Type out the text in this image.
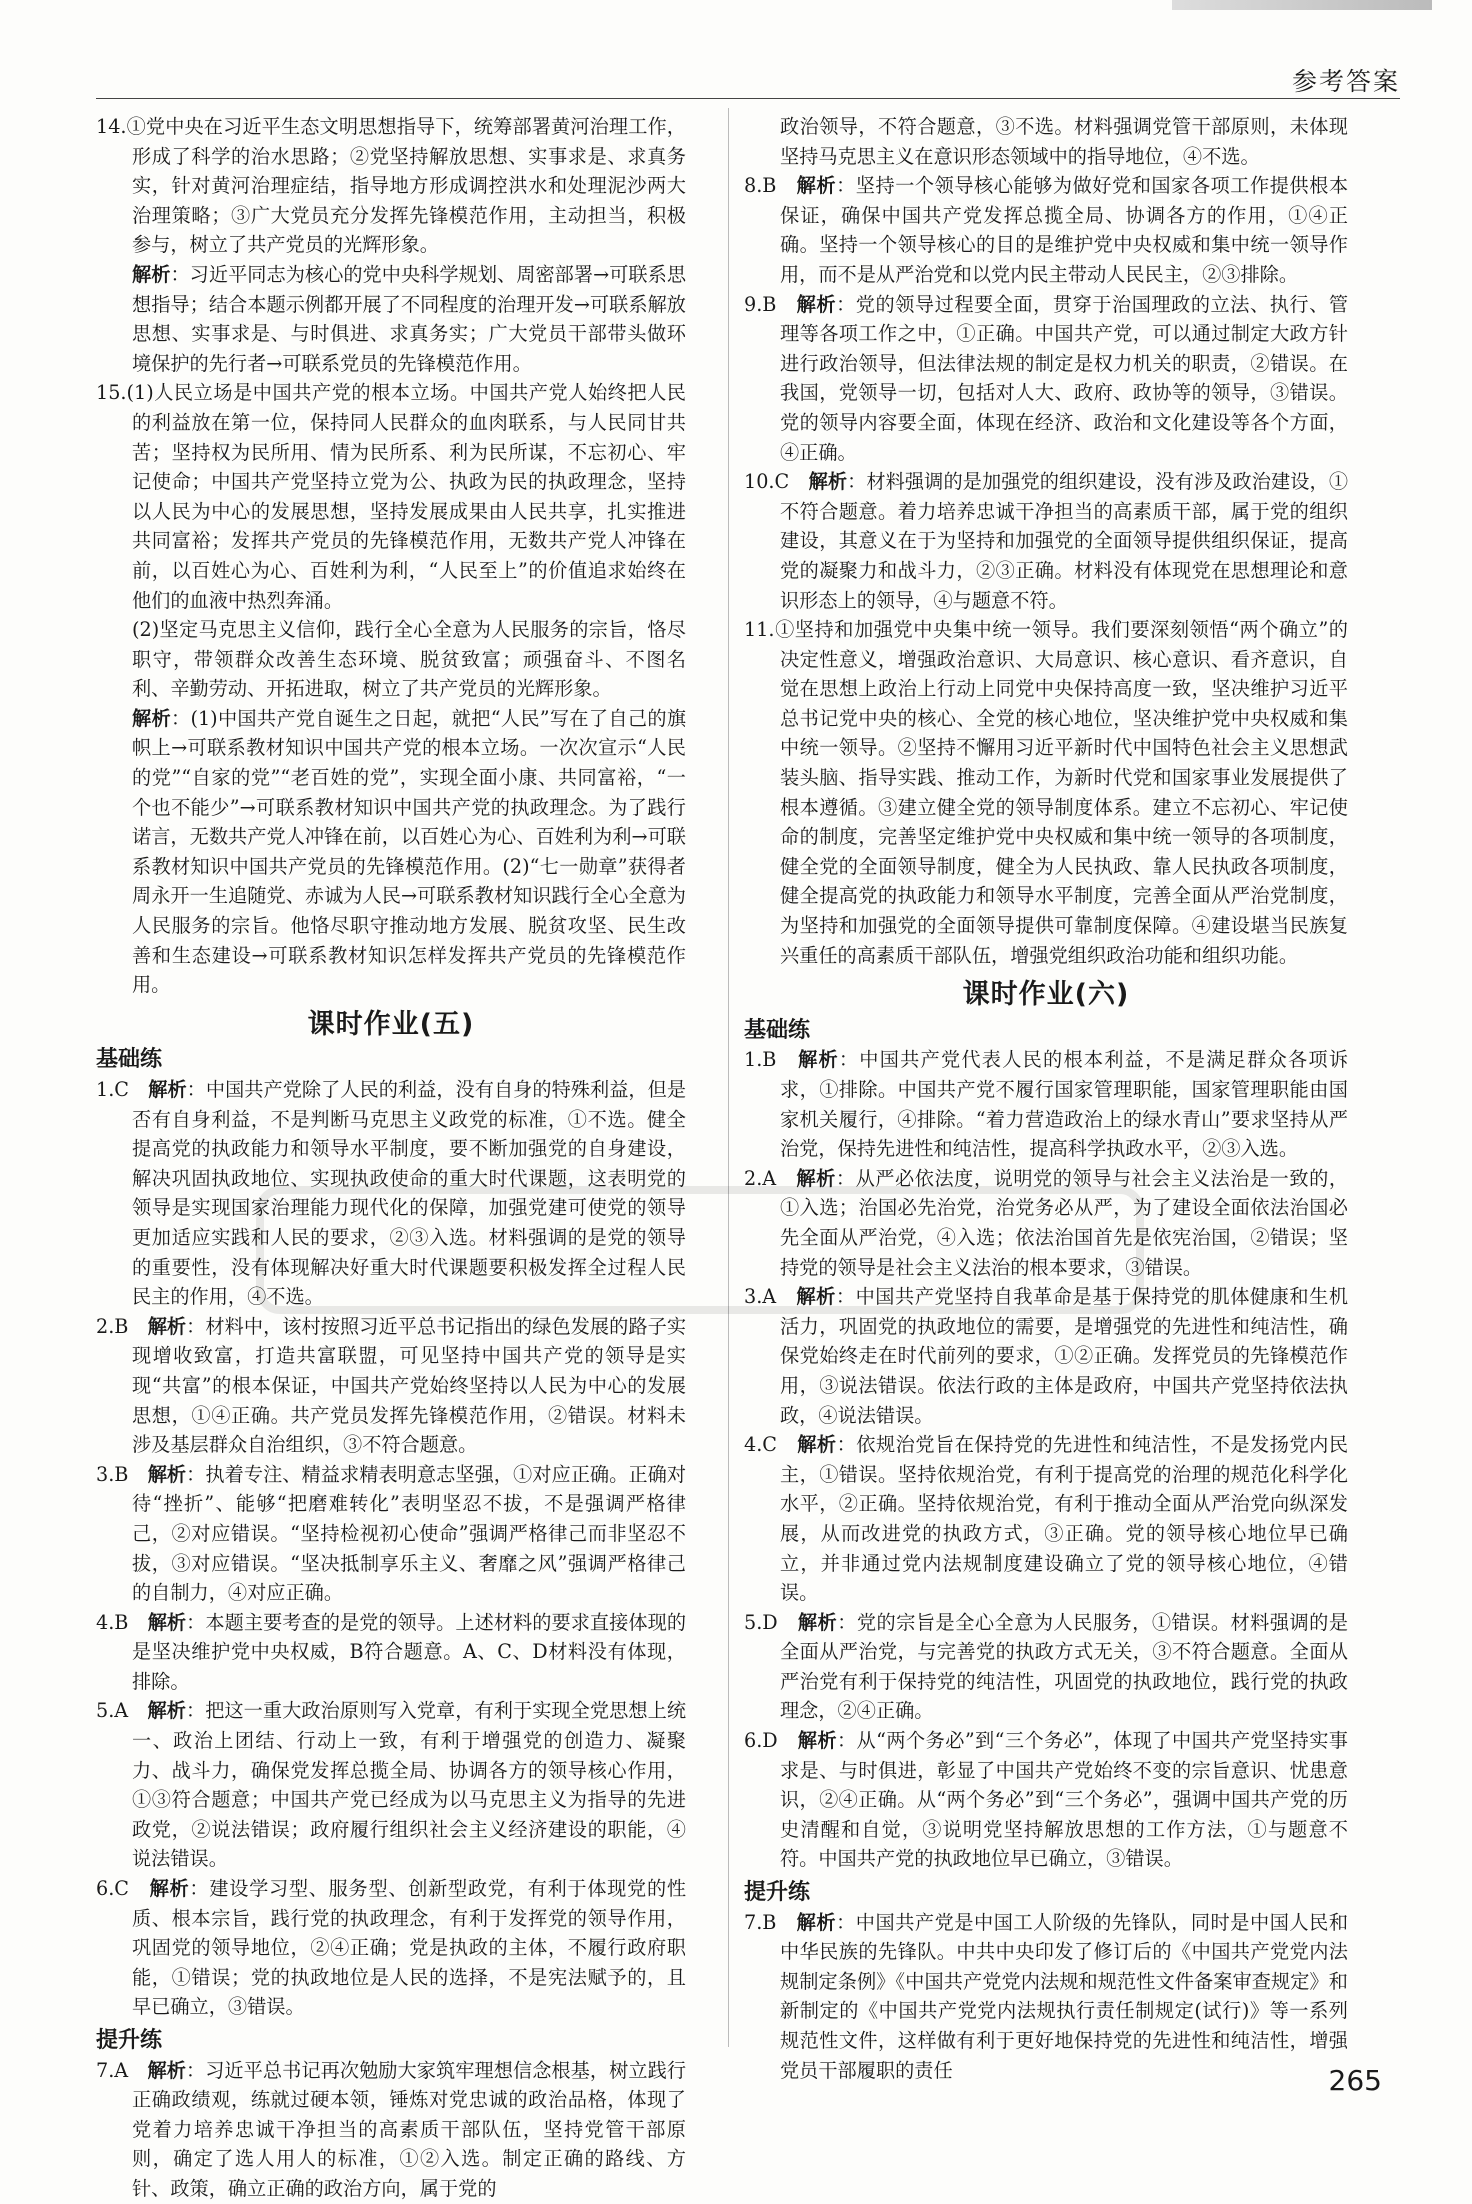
参考答案

14.①党中央在习近平生态文明思想指导下，统筹部署黄河治理工作，形成了科学的治水思路；②党坚持解放思想、实事求是、求真务实，针对黄河治理症结，指导地方形成调控洪水和处理泥沙两大治理策略；③广大党员充分发挥先锋模范作用，主动担当，积极参与，树立了共产党员的光辉形象。
解析：习近平同志为核心的党中央科学规划、周密部署→可联系思想指导；结合本题示例都开展了不同程度的治理开发→可联系解放思想、实事求是、与时俱进、求真务实；广大党员干部带头做环境保护的先行者→可联系党员的先锋模范作用。

15.(1)人民立场是中国共产党的根本立场。中国共产党人始终把人民的利益放在第一位，保持同人民群众的血肉联系，与人民同甘共苦；坚持权为民所用、情为民所系、利为民所谋，不忘初心、牢记使命；中国共产党坚持立党为公、执政为民的执政理念，坚持以人民为中心的发展思想，坚持发展成果由人民共享，扎实推进共同富裕；发挥共产党员的先锋模范作用，无数共产党人冲锋在前，以百姓心为心、百姓利为利，“人民至上”的价值追求始终在他们的血液中热烈奔涌。
(2)坚定马克思主义信仰，践行全心全意为人民服务的宗旨，恪尽职守，带领群众改善生态环境、脱贫致富；顽强奋斗、不图名利、辛勤劳动、开拓进取，树立了共产党员的光辉形象。
解析：(1)中国共产党自诞生之日起，就把“人民”写在了自己的旗帜上→可联系教材知识中国共产党的根本立场。一次次宣示“人民的党”“自家的党”“老百姓的党”，实现全面小康、共同富裕，“一个也不能少”→可联系教材知识中国共产党的执政理念。为了践行诺言，无数共产党人冲锋在前，以百姓心为心、百姓利为利→可联系教材知识中国共产党员的先锋模范作用。(2)“七一勋章”获得者周永开一生追随党、赤诚为人民→可联系教材知识践行全心全意为人民服务的宗旨。他恪尽职守推动地方发展、脱贫攻坚、民生改善和生态建设→可联系教材知识怎样发挥共产党员的先锋模范作用。

课时作业(五)
基础练

1.C　 解析：中国共产党除了人民的利益，没有自身的特殊利益，但是否有自身利益，不是判断马克思主义政党的标准，①不选。健全提高党的执政能力和领导水平制度，要不断加强党的自身建设，解决巩固执政地位、实现执政使命的重大时代课题，这表明党的领导是实现国家治理能力现代化的保障，加强党建可使党的领导更加适应实践和人民的要求，②③入选。材料强调的是党的领导的重要性，没有体现解决好重大时代课题要积极发挥全过程人民民主的作用，④不选。

2.B　 解析：材料中，该村按照习近平总书记指出的绿色发展的路子实现增收致富，打造共富联盟，可见坚持中国共产党的领导是实现“共富”的根本保证，中国共产党始终坚持以人民为中心的发展思想，①④正确。共产党员发挥先锋模范作用，②错误。材料未涉及基层群众自治组织，③不符合题意。

3.B　 解析：执着专注、精益求精表明意志坚强，①对应正确。正确对待“挫折”、能够“把磨难转化”表明坚忍不拔，不是强调严格律己，②对应错误。“坚持检视初心使命”强调严格律己而非坚忍不拔，③对应错误。“坚决抵制享乐主义、奢靡之风”强调严格律己的自制力，④对应正确。

4.B　 解析：本题主要考查的是党的领导。上述材料的要求直接体现的是坚决维护党中央权威，B符合题意。A、C、D材料没有体现，排除。

5.A　 解析：把这一重大政治原则写入党章，有利于实现全党思想上统一、政治上团结、行动上一致，有利于增强党的创造力、凝聚力、战斗力，确保党发挥总揽全局、协调各方的领导核心作用，①③符合题意；中国共产党已经成为以马克思主义为指导的先进政党，②说法错误；政府履行组织社会主义经济建设的职能，④说法错误。

6.C　 解析：建设学习型、服务型、创新型政党，有利于体现党的性质、根本宗旨，践行党的执政理念，有利于发挥党的领导作用，巩固党的领导地位，②④正确；党是执政的主体，不履行政府职能，①错误；党的执政地位是人民的选择，不是宪法赋予的，且早已确立，③错误。

提升练

7.A　 解析：习近平总书记再次勉励大家筑牢理想信念根基，树立践行正确政绩观，练就过硬本领，锤炼对党忠诚的政治品格，体现了党着力培养忠诚干净担当的高素质干部队伍，坚持党管干部原则，确定了选人用人的标准，①②入选。制定正确的路线、方针、政策，确立正确的政治方向，属于党的

政治领导，不符合题意，③不选。材料强调党管干部原则，未体现坚持马克思主义在意识形态领域中的指导地位，④不选。

8.B　 解析：坚持一个领导核心能够为做好党和国家各项工作提供根本保证，确保中国共产党发挥总揽全局、协调各方的作用，①④正确。坚持一个领导核心的目的是维护党中央权威和集中统一领导作用，而不是从严治党和以党内民主带动人民民主，②③排除。

9.B　 解析：党的领导过程要全面，贯穿于治国理政的立法、执行、管理等各项工作之中，①正确。中国共产党，可以通过制定大政方针进行政治领导，但法律法规的制定是权力机关的职责，②错误。在我国，党领导一切，包括对人大、政府、政协等的领导，③错误。党的领导内容要全面，体现在经济、政治和文化建设等各个方面，④正确。

10.C　 解析：材料强调的是加强党的组织建设，没有涉及政治建设，①不符合题意。着力培养忠诚干净担当的高素质干部，属于党的组织建设，其意义在于为坚持和加强党的全面领导提供组织保证，提高党的凝聚力和战斗力，②③正确。材料没有体现党在思想理论和意识形态上的领导，④与题意不符。

11.①坚持和加强党中央集中统一领导。我们要深刻领悟“两个确立”的决定性意义，增强政治意识、大局意识、核心意识、看齐意识，自觉在思想上政治上行动上同党中央保持高度一致，坚决维护习近平总书记党中央的核心、全党的核心地位，坚决维护党中央权威和集中统一领导。②坚持不懈用习近平新时代中国特色社会主义思想武装头脑、指导实践、推动工作，为新时代党和国家事业发展提供了根本遵循。③建立健全党的领导制度体系。建立不忘初心、牢记使命的制度，完善坚定维护党中央权威和集中统一领导的各项制度，健全党的全面领导制度，健全为人民执政、靠人民执政各项制度，健全提高党的执政能力和领导水平制度，完善全面从严治党制度，为坚持和加强党的全面领导提供可靠制度保障。④建设堪当民族复兴重任的高素质干部队伍，增强党组织政治功能和组织功能。

课时作业(六)
基础练

1.B　 解析：中国共产党代表人民的根本利益，不是满足群众各项诉求，①排除。中国共产党不履行国家管理职能，国家管理职能由国家机关履行，④排除。“着力营造政治上的绿水青山”要求坚持从严治党，保持先进性和纯洁性，提高科学执政水平，②③入选。

2.A　 解析：从严必依法度，说明党的领导与社会主义法治是一致的，①入选；治国必先治党，治党务必从严，为了建设全面依法治国必先全面从严治党，④入选；依法治国首先是依宪治国，②错误；坚持党的领导是社会主义法治的根本要求，③错误。

3.A　 解析：中国共产党坚持自我革命是基于保持党的肌体健康和生机活力，巩固党的执政地位的需要，是增强党的先进性和纯洁性，确保党始终走在时代前列的要求，①②正确。发挥党员的先锋模范作用，③说法错误。依法行政的主体是政府，中国共产党坚持依法执政，④说法错误。

4.C　 解析：依规治党旨在保持党的先进性和纯洁性，不是发扬党内民主，①错误。坚持依规治党，有利于提高党的治理的规范化科学化水平，②正确。坚持依规治党，有利于推动全面从严治党向纵深发展，从而改进党的执政方式，③正确。党的领导核心地位早已确立，并非通过党内法规制度建设确立了党的领导核心地位，④错误。

5.D　 解析：党的宗旨是全心全意为人民服务，①错误。材料强调的是全面从严治党，与完善党的执政方式无关，③不符合题意。全面从严治党有利于保持党的纯洁性，巩固党的执政地位，践行党的执政理念，②④正确。

6.D　 解析：从“两个务必”到“三个务必”，体现了中国共产党坚持实事求是、与时俱进，彰显了中国共产党始终不变的宗旨意识、忧患意识，②④正确。从“两个务必”到“三个务必”，强调中国共产党的历史清醒和自觉，③说明党坚持解放思想的工作方法，①与题意不符。中国共产党的执政地位早已确立，③错误。

提升练

7.B　 解析：中国共产党是中国工人阶级的先锋队，同时是中国人民和中华民族的先锋队。中共中央印发了修订后的《中国共产党党内法规制定条例》《中国共产党党内法规和规范性文件备案审查规定》和新制定的《中国共产党党内法规执行责任制规定(试行)》等一系列规范性文件，这样做有利于更好地保持党的先进性和纯洁性，增强党员干部履职的责任	265
